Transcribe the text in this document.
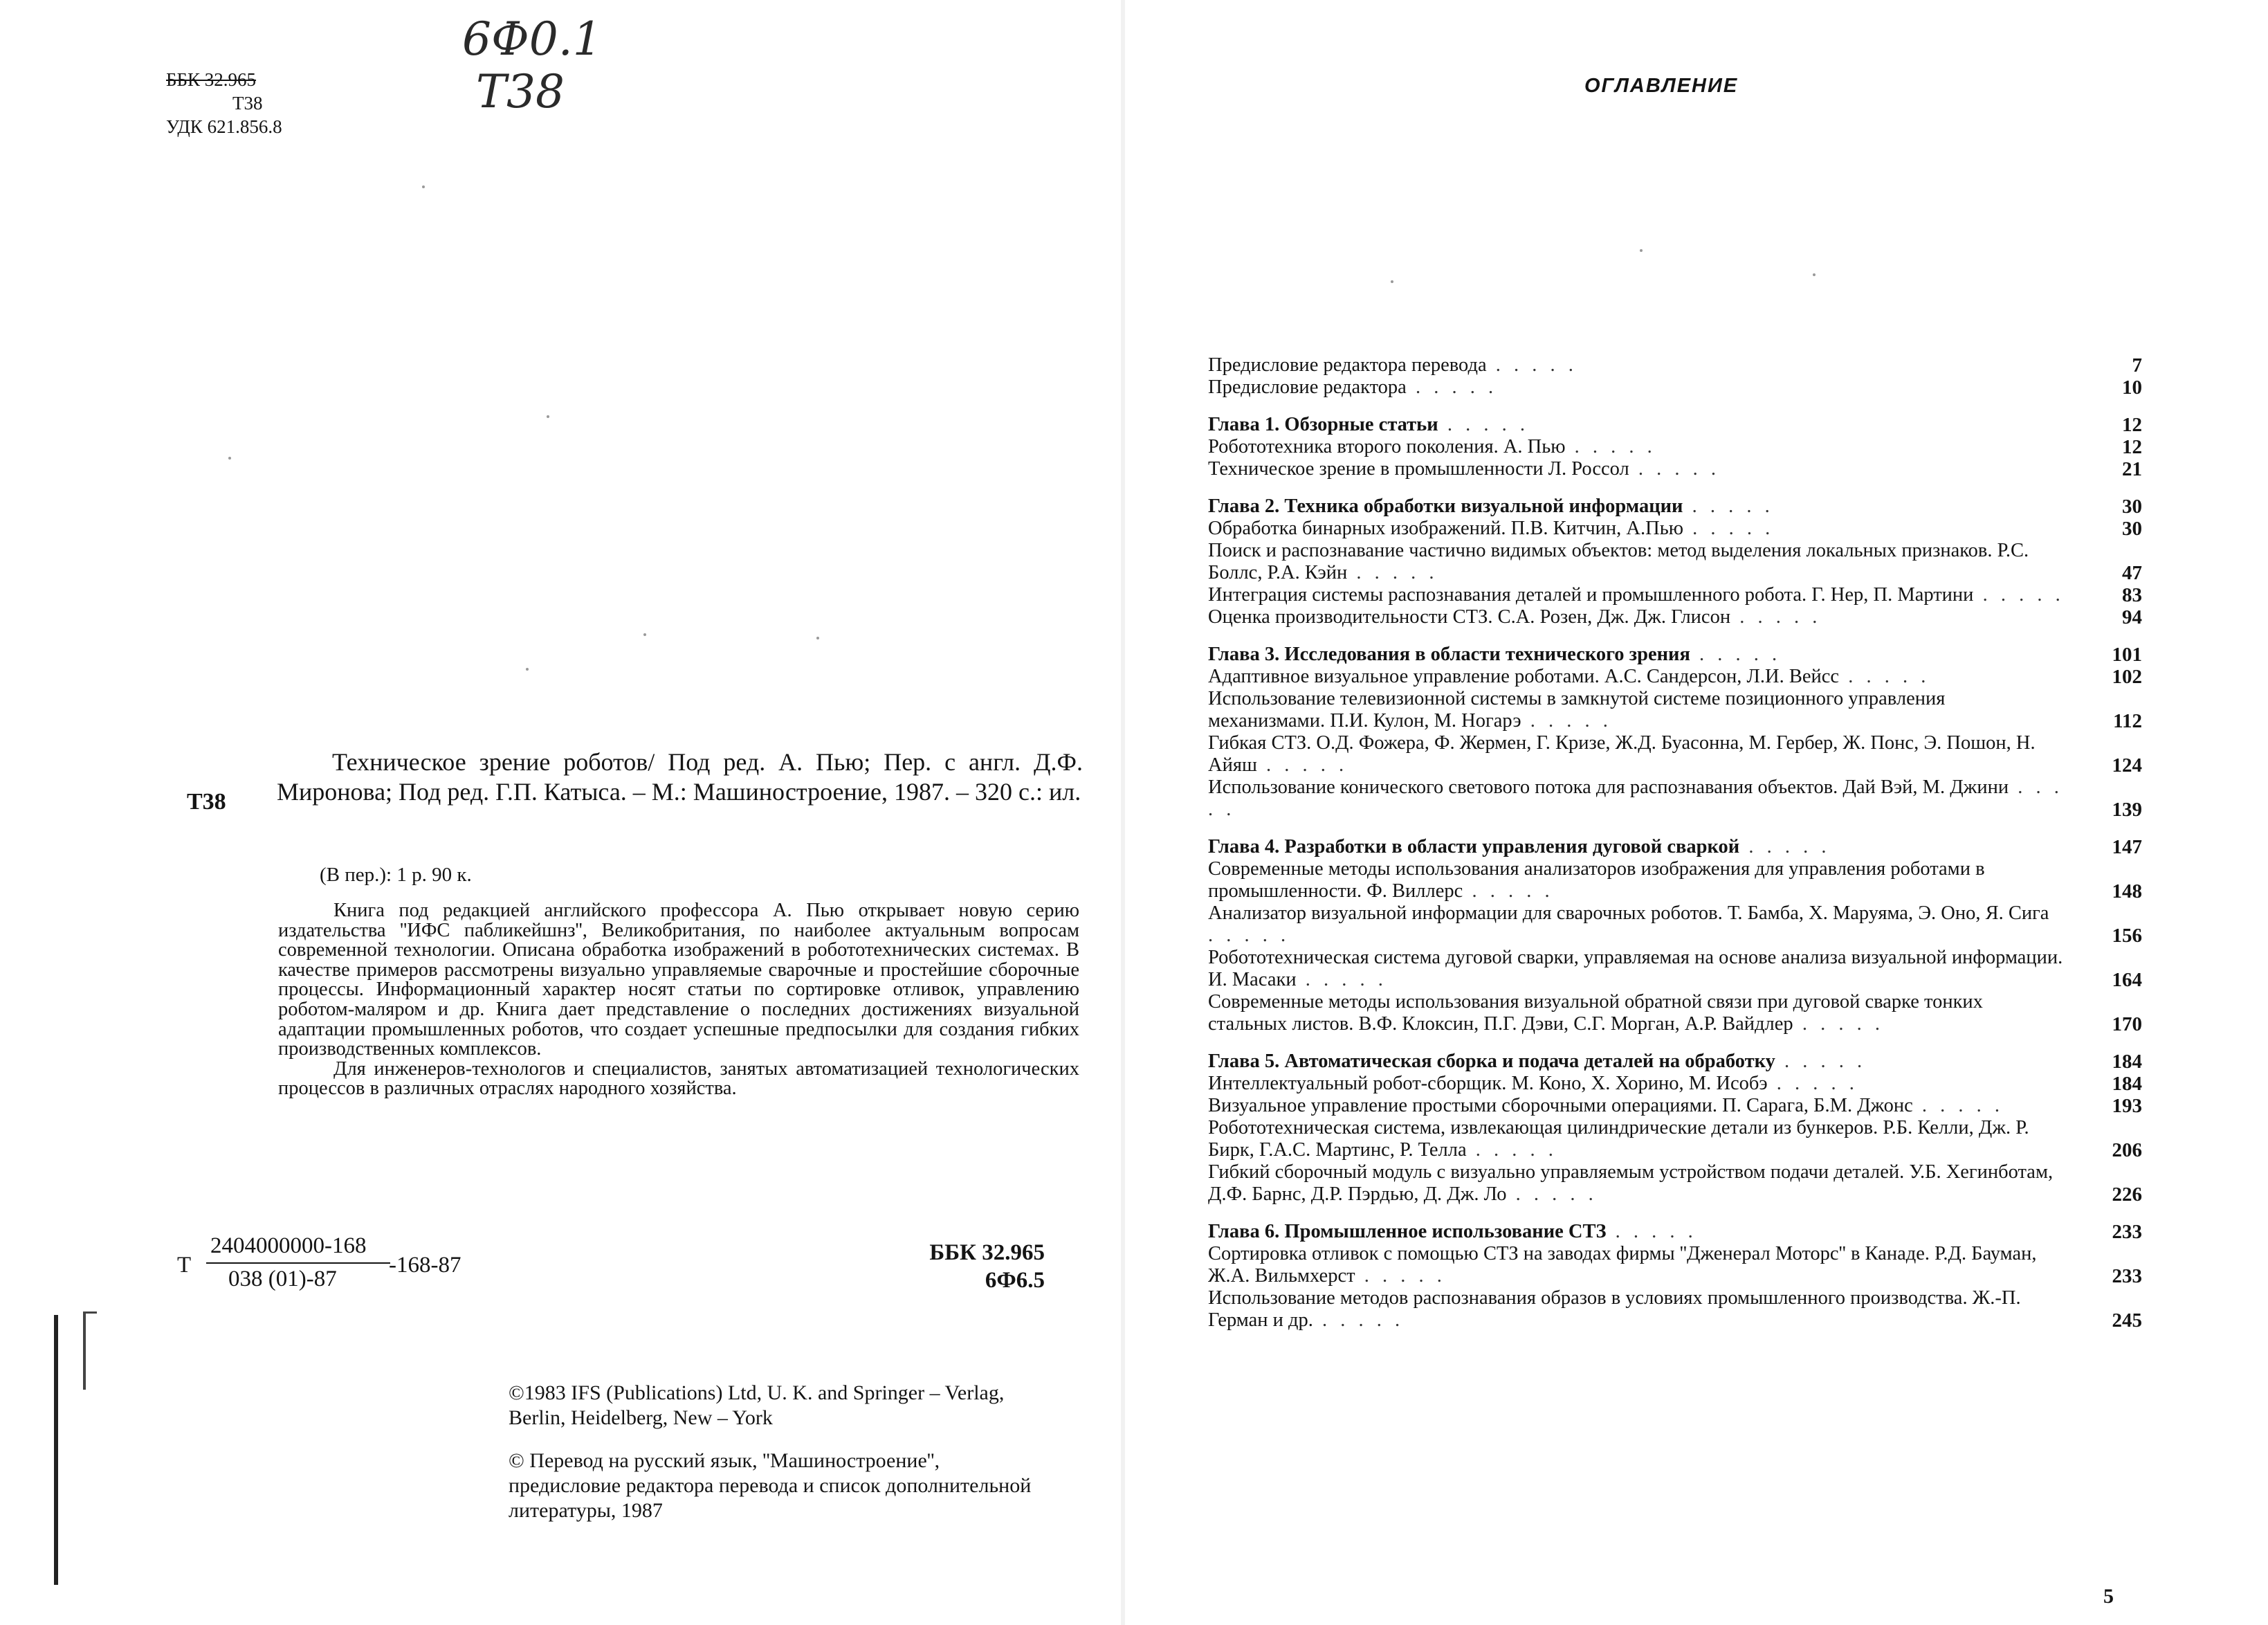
ББК 32.965
Т38
УДК 621.856.8
6Ф0.1
Т38
Т38

Техническое зрение роботов/ Под ред. А. Пью; Пер. с англ. Д.Ф. Миронова; Под ред. Г.П. Катыса. – М.: Машиностроение, 1987. – 320 с.: ил.

(В пер.): 1 р. 90 к.

Книга под редакцией английского профессора А. Пью открывает новую серию издательства ''ИФС пабликейшнз'', Великобритания, по наиболее актуальным вопросам современной технологии. Описана обработка изображений в робототехнических системах. В качестве примеров рассмотрены визуально управляемые сварочные и простейшие сборочные процессы. Информационный характер носят статьи по сортировке отливок, управлению роботом-маляром и др. Книга дает представление о последних достижениях визуальной адаптации промышленных роботов, что создает успешные предпосылки для создания гибких производственных комплексов.

Для инженеров-технологов и специалистов, занятых автоматизацией технологических процессов в различных отраслях народного хозяйства.

Т
2404000000-168
038 (01)-87
-168-87	ББК 32.965
6Ф6.5

©1983 IFS (Publications) Ltd, U. K. and Springer – Verlag, Berlin, Heidelberg, New – York

© Перевод на русский язык, ''Машиностроение'', предисловие редактора перевода и список дополнительной литературы, 1987

ОГЛАВЛЕНИЕ
Предисловие редактора перевода . . . . .	7
Предисловие редактора . . . . .	10
Глава 1. Обзорные статьи . . . . .	12
Робототехника второго поколения. А. Пью . . . . .	12
Техническое зрение в промышленности Л. Россол . . . . .	21
Глава 2. Техника обработки визуальной информации . . . . .	30
Обработка бинарных изображений. П.В. Китчин, А.Пью . . . . .	30
Поиск и распознавание частично видимых объектов: метод выделения локальных признаков. Р.С. Боллс, Р.А. Кэйн . . . . .	47
Интеграция системы распознавания деталей и промышленного робота. Г. Нер, П. Мартини . . . . .	83
Оценка производительности СТЗ. С.А. Розен, Дж. Дж. Глисон . . . . .	94
Глава 3. Исследования в области технического зрения . . . . .	101
Адаптивное визуальное управление роботами. А.С. Сандерсон, Л.И. Вейсс . . . . .	102
Использование телевизионной системы в замкнутой системе позиционного управления механизмами. П.И. Кулон, М. Ногарэ . . . . .	112
Гибкая СТЗ. О.Д. Фожера, Ф. Жермен, Г. Кризе, Ж.Д. Буасонна, М. Гербер, Ж. Понс, Э. Пошон, Н. Айяш . . . . .	124
Использование конического светового потока для распознавания объектов. Дай Вэй, М. Джини . . . . .	139
Глава 4. Разработки в области управления дуговой сваркой . . . . .	147
Современные методы использования анализаторов изображения для управления роботами в промышленности. Ф. Виллерс . . . . .	148
Анализатор визуальной информации для сварочных роботов. Т. Бамба, Х. Маруяма, Э. Оно, Я. Сига . . . . .	156
Робототехническая система дуговой сварки, управляемая на основе анализа визуальной информации. И. Масаки . . . . .	164
Современные методы использования визуальной обратной связи при дуговой сварке тонких стальных листов. В.Ф. Клоксин, П.Г. Дэви, С.Г. Морган, А.Р. Вайдлер . . . . .	170
Глава 5. Автоматическая сборка и подача деталей на обработку . . . . .	184
Интеллектуальный робот-сборщик. М. Коно, Х. Хорино, М. Исобэ . . . . .	184
Визуальное управление простыми сборочными операциями. П. Сарага, Б.М. Джонс . . . . .	193
Робототехническая система, извлекающая цилиндрические детали из бункеров. Р.Б. Келли, Дж. Р. Бирк, Г.А.С. Мартинс, Р. Телла . . . . .	206
Гибкий сборочный модуль с визуально управляемым устройством подачи деталей. У.Б. Хегинботам, Д.Ф. Барнс, Д.Р. Пэрдью, Д. Дж. Ло . . . . .	226
Глава 6. Промышленное использование СТЗ . . . . .	233
Сортировка отливок с помощью СТЗ на заводах фирмы ''Дженерал Моторс'' в Канаде. Р.Д. Бауман, Ж.А. Вильмхерст . . . . .	233
Использование методов распознавания образов в условиях промышленного производства. Ж.-П. Герман и др. . . . . .	245
5
